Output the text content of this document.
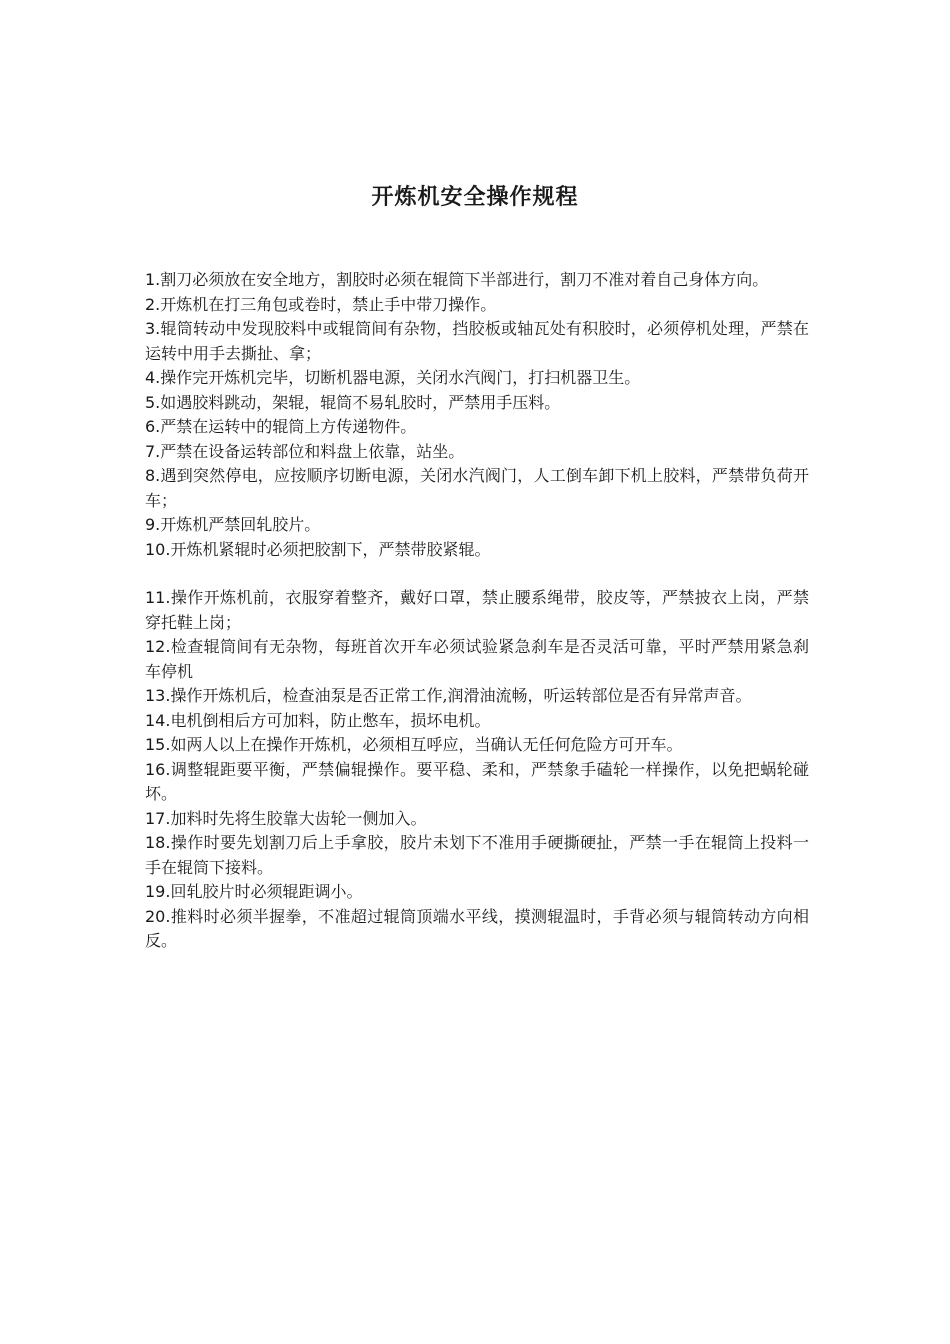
开炼机安全操作规程

1.割刀必须放在安全地方，割胶时必须在辊筒下半部进行，割刀不准对着自己身体方向。

2.开炼机在打三角包或卷时，禁止手中带刀操作。

3.辊筒转动中发现胶料中或辊筒间有杂物，挡胶板或轴瓦处有积胶时，必须停机处理，严禁在运转中用手去撕扯、拿；

4.操作完开炼机完毕，切断机器电源，关闭水汽阀门，打扫机器卫生。

5.如遇胶料跳动，架辊，辊筒不易轧胶时，严禁用手压料。

6.严禁在运转中的辊筒上方传递物件。

7.严禁在设备运转部位和料盘上依靠，站坐。

8.遇到突然停电，应按顺序切断电源，关闭水汽阀门，人工倒车卸下机上胶料，严禁带负荷开车；

9.开炼机严禁回轧胶片。

10.开炼机紧辊时必须把胶割下，严禁带胶紧辊。

11.操作开炼机前，衣服穿着整齐，戴好口罩，禁止腰系绳带，胶皮等，严禁披衣上岗，严禁穿托鞋上岗；

12.检查辊筒间有无杂物，每班首次开车必须试验紧急刹车是否灵活可靠，平时严禁用紧急刹车停机

13.操作开炼机后，检查油泵是否正常工作,润滑油流畅，听运转部位是否有异常声音。

14.电机倒相后方可加料，防止憋车，损坏电机。

15.如两人以上在操作开炼机，必须相互呼应，当确认无任何危险方可开车。

16.调整辊距要平衡，严禁偏辊操作。要平稳、柔和，严禁象手磕轮一样操作，以免把蜗轮碰坏。

17.加料时先将生胶靠大齿轮一侧加入。

18.操作时要先划割刀后上手拿胶，胶片未划下不准用手硬撕硬扯，严禁一手在辊筒上投料一手在辊筒下接料。

19.回轧胶片时必须辊距调小。

20.推料时必须半握拳，不准超过辊筒顶端水平线，摸测辊温时，手背必须与辊筒转动方向相反。
